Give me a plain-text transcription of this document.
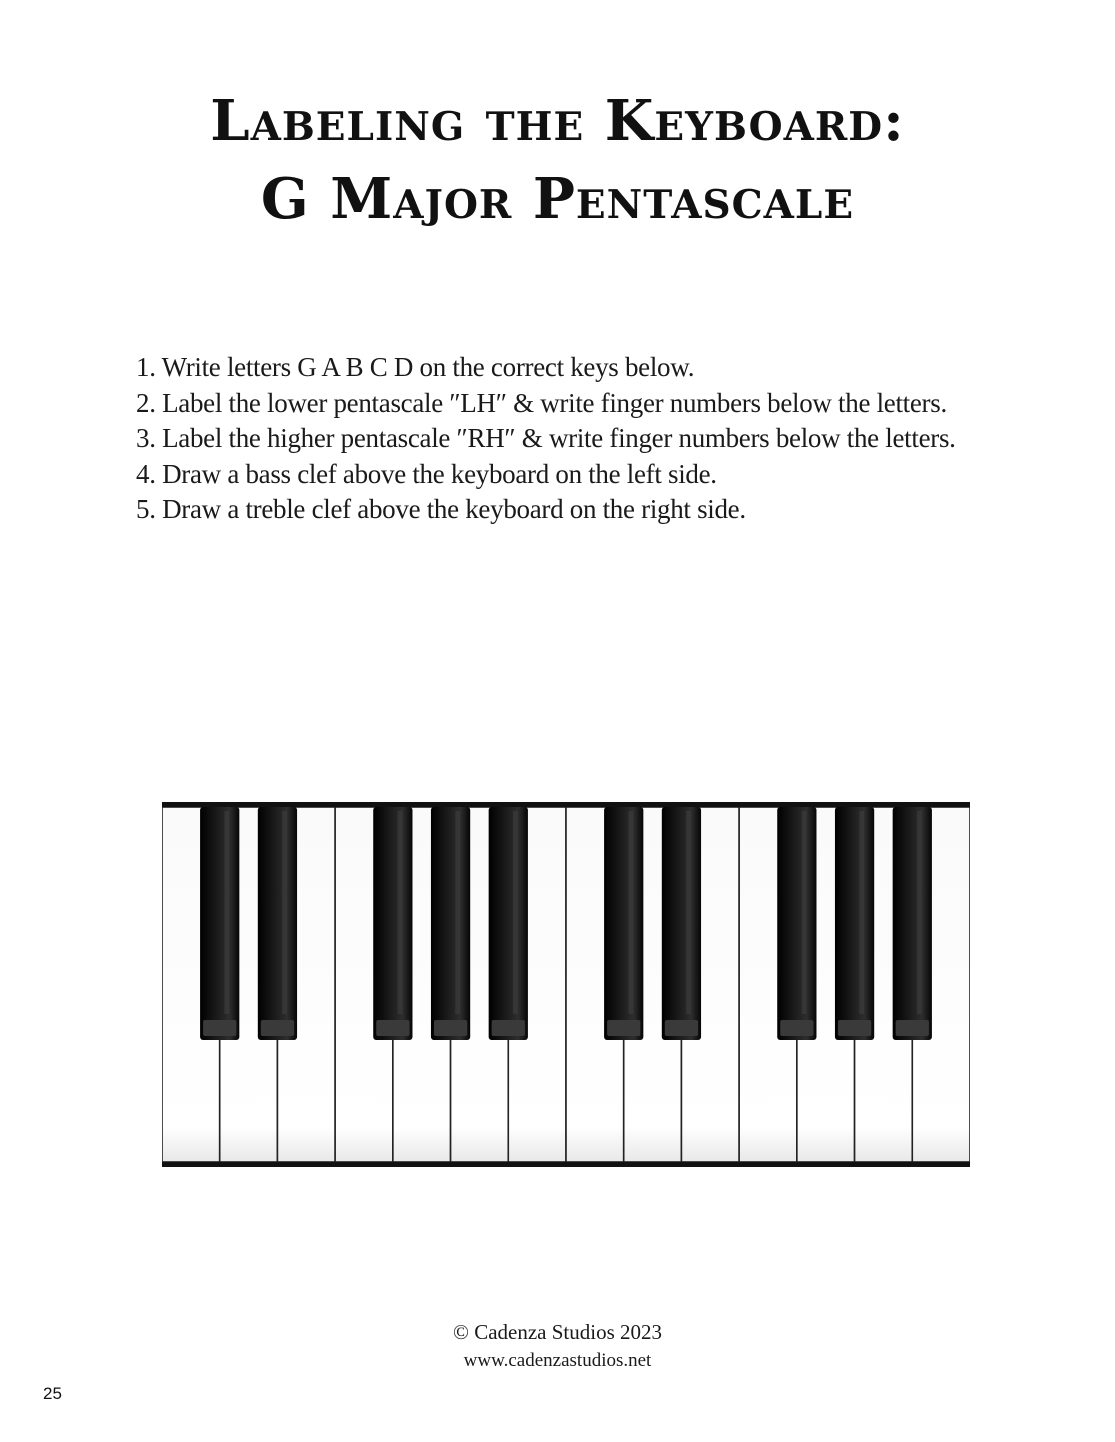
Labeling the Keyboard:
G Major Pentascale
1. Write letters G A B C D on the correct keys below.
2. Label the lower pentascale ″LH″ & write finger numbers below the letters.
3. Label the higher pentascale ″RH″ & write finger numbers below the letters.
4. Draw a bass clef above the keyboard on the left side.
5. Draw a treble clef above the keyboard on the right side.
© Cadenza Studios 2023
www.cadenzastudios.net
25
